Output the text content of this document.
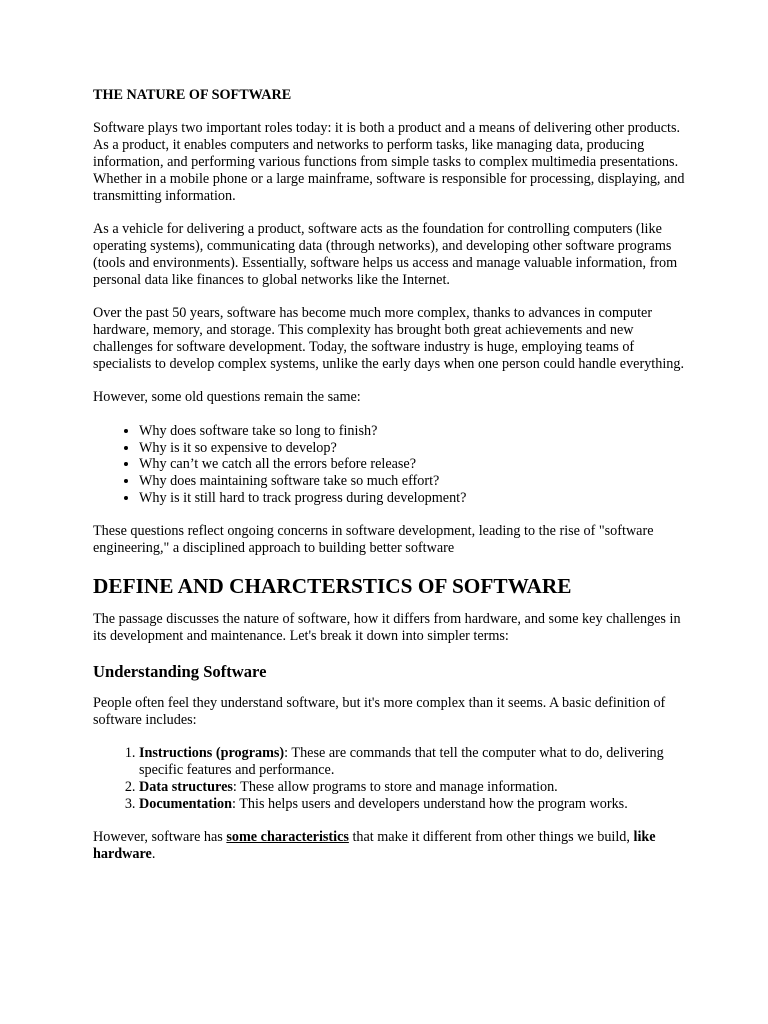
THE NATURE OF SOFTWARE

Software plays two important roles today: it is both a product and a means of delivering other products. As a product, it enables computers and networks to perform tasks, like managing data, producing information, and performing various functions from simple tasks to complex multimedia presentations. Whether in a mobile phone or a large mainframe, software is responsible for processing, displaying, and transmitting information.

As a vehicle for delivering a product, software acts as the foundation for controlling computers (like operating systems), communicating data (through networks), and developing other software programs (tools and environments). Essentially, software helps us access and manage valuable information, from personal data like finances to global networks like the Internet.

Over the past 50 years, software has become much more complex, thanks to advances in computer hardware, memory, and storage. This complexity has brought both great achievements and new challenges for software development. Today, the software industry is huge, employing teams of specialists to develop complex systems, unlike the early days when one person could handle everything.

However, some old questions remain the same:

• Why does software take so long to finish?
• Why is it so expensive to develop?
• Why can’t we catch all the errors before release?
• Why does maintaining software take so much effort?
• Why is it still hard to track progress during development?

These questions reflect ongoing concerns in software development, leading to the rise of "software engineering," a disciplined approach to building better software

DEFINE AND CHARCTERSTICS OF SOFTWARE

The passage discusses the nature of software, how it differs from hardware, and some key challenges in its development and maintenance. Let's break it down into simpler terms:

Understanding Software

People often feel they understand software, but it's more complex than it seems. A basic definition of software includes:

1. Instructions (programs): These are commands that tell the computer what to do, delivering specific features and performance.
2. Data structures: These allow programs to store and manage information.
3. Documentation: This helps users and developers understand how the program works.

However, software has some characteristics that make it different from other things we build, like hardware.
